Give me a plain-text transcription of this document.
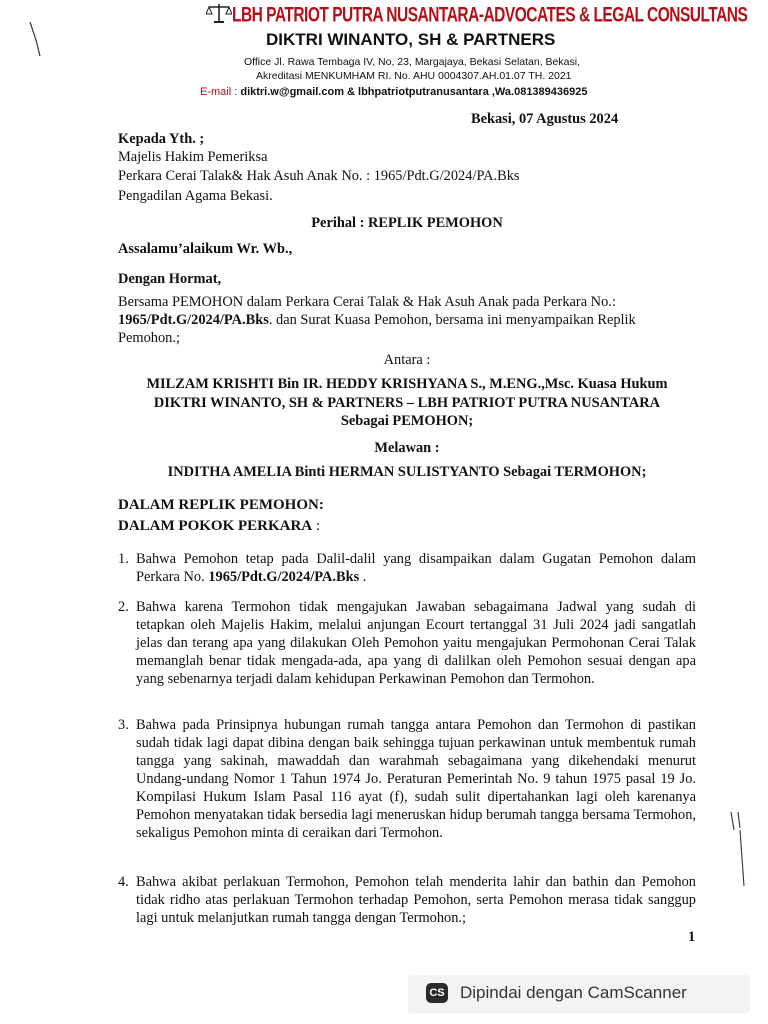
LBH PATRIOT PUTRA NUSANTARA-ADVOCATES & LEGAL CONSULTANS
DIKTRI WINANTO, SH & PARTNERS
Office Jl. Rawa Tembaga IV, No, 23, Margajaya, Bekasi Selatan, Bekasi,
Akreditasi MENKUMHAM RI. No. AHU 0004307.AH.01.07 TH. 2021
E-mail : diktri.w@gmail.com & lbhpatriotputranusantara ,Wa.081389436925
Bekasi, 07 Agustus 2024
Kepada Yth. ;
Majelis Hakim Pemeriksa
Perkara Cerai Talak& Hak Asuh Anak No. : 1965/Pdt.G/2024/PA.Bks
Pengadilan Agama Bekasi.
Perihal : REPLIK PEMOHON
Assalamu’alaikum Wr. Wb.,
Dengan Hormat,
Bersama PEMOHON dalam Perkara Cerai Talak & Hak Asuh Anak pada Perkara No.:
1965/Pdt.G/2024/PA.Bks. dan Surat Kuasa Pemohon, bersama ini menyampaikan Replik
Pemohon.;
Antara :
MILZAM KRISHTI Bin IR. HEDDY KRISHYANA S., M.ENG.,Msc. Kuasa Hukum
DIKTRI WINANTO, SH & PARTNERS – LBH PATRIOT PUTRA NUSANTARA
Sebagai PEMOHON;
Melawan :
INDITHA AMELIA Binti HERMAN SULISTYANTO Sebagai TERMOHON;
DALAM REPLIK PEMOHON:
DALAM POKOK PERKARA :
1. Bahwa Pemohon tetap pada Dalil-dalil yang disampaikan dalam Gugatan Pemohon dalam Perkara No. 1965/Pdt.G/2024/PA.Bks .
2. Bahwa karena Termohon tidak mengajukan Jawaban sebagaimana Jadwal yang sudah di tetapkan oleh Majelis Hakim, melalui anjungan Ecourt tertanggal 31 Juli 2024 jadi sangatlah jelas dan terang apa yang dilakukan Oleh Pemohon yaitu mengajukan Permohonan Cerai Talak memanglah benar tidak mengada-ada, apa yang di dalilkan oleh Pemohon sesuai dengan apa yang sebenarnya terjadi dalam kehidupan Perkawinan Pemohon dan Termohon.
3. Bahwa pada Prinsipnya hubungan rumah tangga antara Pemohon dan Termohon di pastikan sudah tidak lagi dapat dibina dengan baik sehingga tujuan perkawinan untuk membentuk rumah tangga yang sakinah, mawaddah dan warahmah sebagaimana yang dikehendaki menurut Undang-undang Nomor 1 Tahun 1974 Jo. Peraturan Pemerintah No. 9 tahun 1975 pasal 19 Jo. Kompilasi Hukum Islam Pasal 116 ayat (f), sudah sulit dipertahankan lagi oleh karenanya Pemohon menyatakan tidak bersedia lagi meneruskan hidup berumah tangga bersama Termohon, sekaligus Pemohon minta di ceraikan dari Termohon.
4. Bahwa akibat perlakuan Termohon, Pemohon telah menderita lahir dan bathin dan Pemohon tidak ridho atas perlakuan Termohon terhadap Pemohon, serta Pemohon merasa tidak sanggup lagi untuk melanjutkan rumah tangga dengan Termohon.;
1
CS Dipindai dengan CamScanner
